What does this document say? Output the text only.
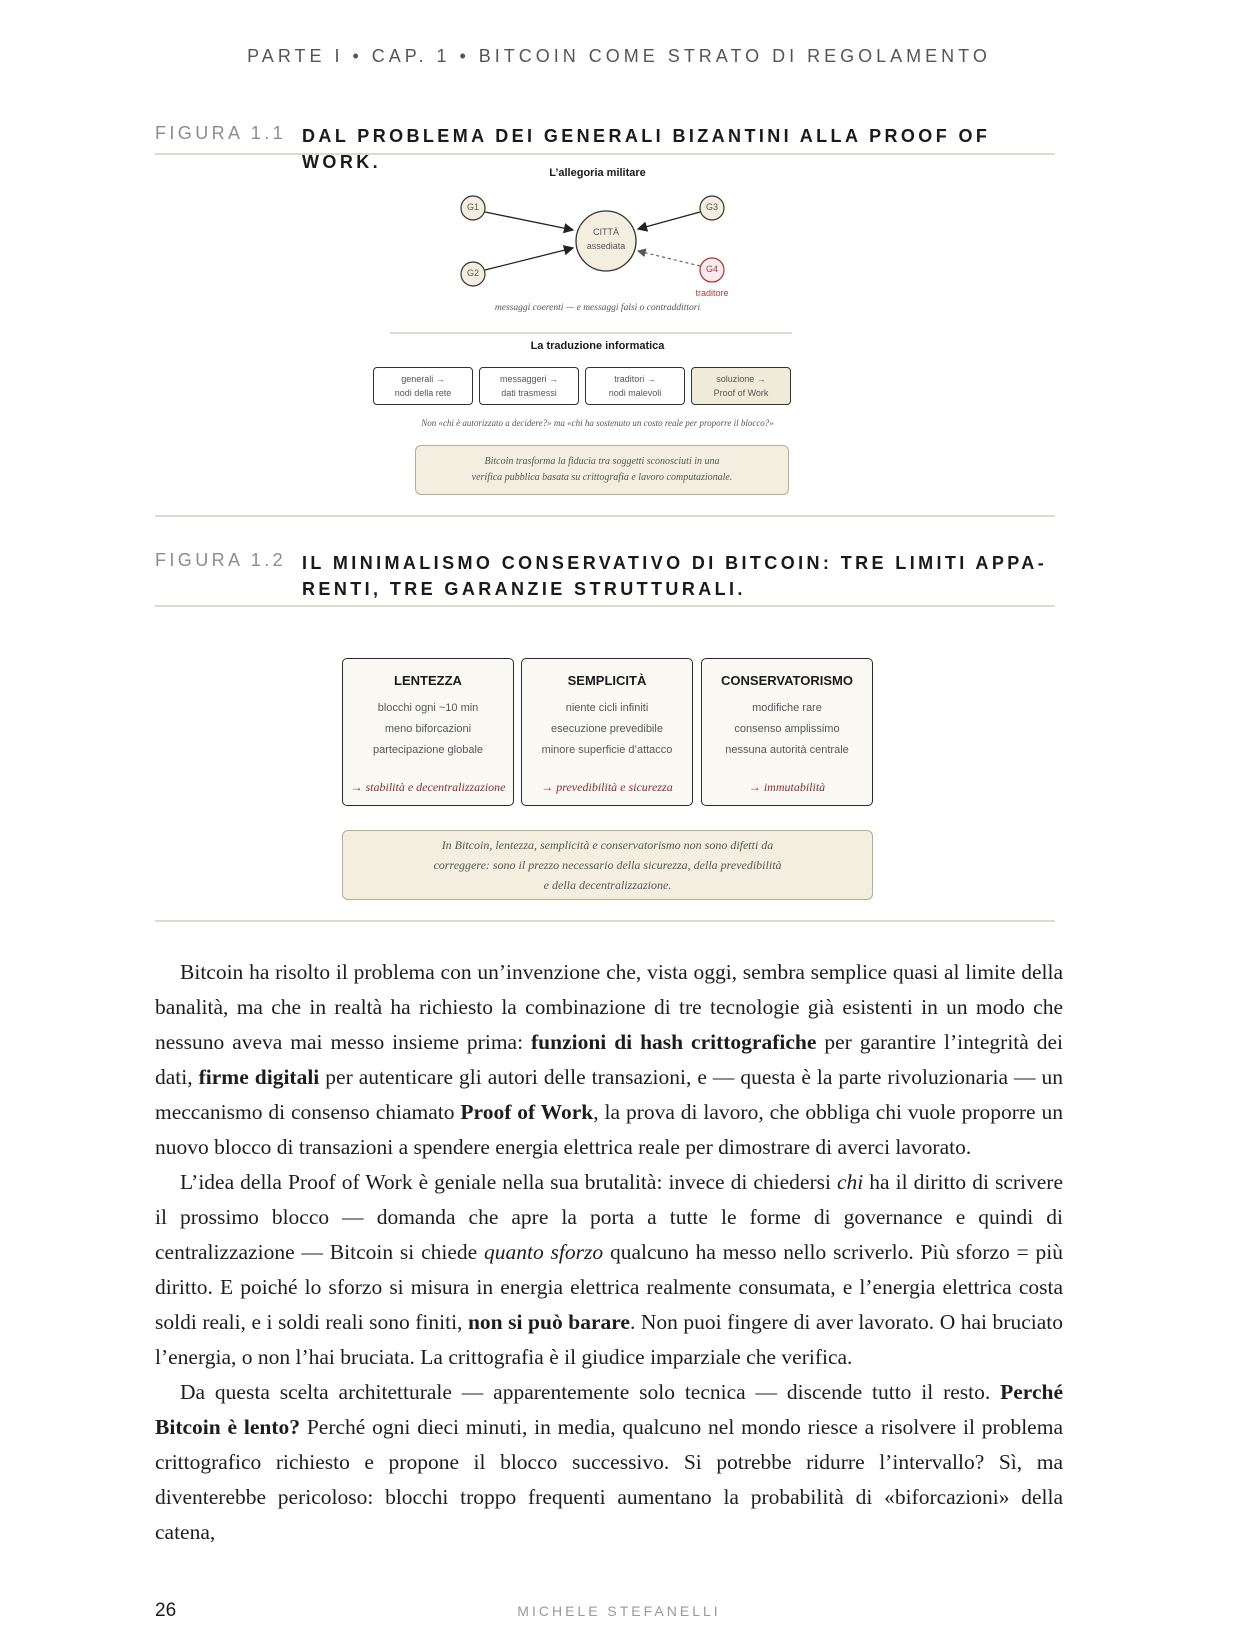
PARTE I • CAP. 1 • BITCOIN COME STRATO DI REGOLAMENTO
FIGURA 1.1 DAL PROBLEMA DEI GENERALI BIZANTINI ALLA PROOF OF WORK.
L’allegoria militare
G1
G2
G3
G4
CITTÀ
assediata
traditore
messaggi coerenti — e messaggi falsi o contraddittori
La traduzione informatica
generali →
nodi della rete
messaggeri →
dati trasmessi
traditori →
nodi malevoli
soluzione →
Proof of Work
Non «chi è autorizzato a decidere?» ma «chi ha sostenuto un costo reale per proporre il blocco?»
Bitcoin trasforma la fiducia tra soggetti sconosciuti in una
verifica pubblica basata su crittografia e lavoro computazionale.
FIGURA 1.2 IL MINIMALISMO CONSERVATIVO DI BITCOIN: TRE LIMITI APPA-
RENTI, TRE GARANZIE STRUTTURALI.
LENTEZZA
blocchi ogni ~10 min
meno biforcazioni
partecipazione globale
→ stabilità e decentralizzazione
SEMPLICITÀ
niente cicli infiniti
esecuzione prevedibile
minore superficie d’attacco
→ prevedibilità e sicurezza
CONSERVATORISMO
modifiche rare
consenso amplissimo
nessuna autorità centrale
→ immutabilità
In Bitcoin, lentezza, semplicità e conservatorismo non sono difetti da
correggere: sono il prezzo necessario della sicurezza, della prevedibilità
e della decentralizzazione.

Bitcoin ha risolto il problema con un’invenzione che, vista oggi, sembra semplice quasi al limite della banalità, ma che in realtà ha richiesto la combinazione di tre tecnologie già esistenti in un modo che nessuno aveva mai messo insieme prima: funzioni di hash crittografiche per garantire l’integrità dei dati, firme digitali per autenticare gli autori delle transazioni, e — questa è la parte rivoluzionaria — un meccanismo di consenso chiamato Proof of Work, la prova di lavoro, che obbliga chi vuole proporre un nuovo blocco di transazioni a spendere energia elettrica reale per dimostrare di averci lavorato.

L’idea della Proof of Work è geniale nella sua brutalità: invece di chiedersi chi ha il diritto di scrivere il prossimo blocco — domanda che apre la porta a tutte le forme di governance e quindi di centralizzazione — Bitcoin si chiede quanto sforzo qualcuno ha messo nello scriverlo. Più sforzo = più diritto. E poiché lo sforzo si misura in energia elettrica realmente consumata, e l’energia elettrica costa soldi reali, e i soldi reali sono finiti, non si può barare. Non puoi fingere di aver lavorato. O hai bruciato l’energia, o non l’hai bruciata. La crittografia è il giudice imparziale che verifica.

Da questa scelta architetturale — apparentemente solo tecnica — discende tutto il resto. Perché Bitcoin è lento? Perché ogni dieci minuti, in media, qualcuno nel mondo riesce a risolvere il problema crittografico richiesto e propone il blocco successivo. Si potrebbe ridurre l’intervallo? Sì, ma diventerebbe pericoloso: blocchi troppo frequenti aumentano la probabilità di «biforcazioni» della catena,

26	MICHELE STEFANELLI
